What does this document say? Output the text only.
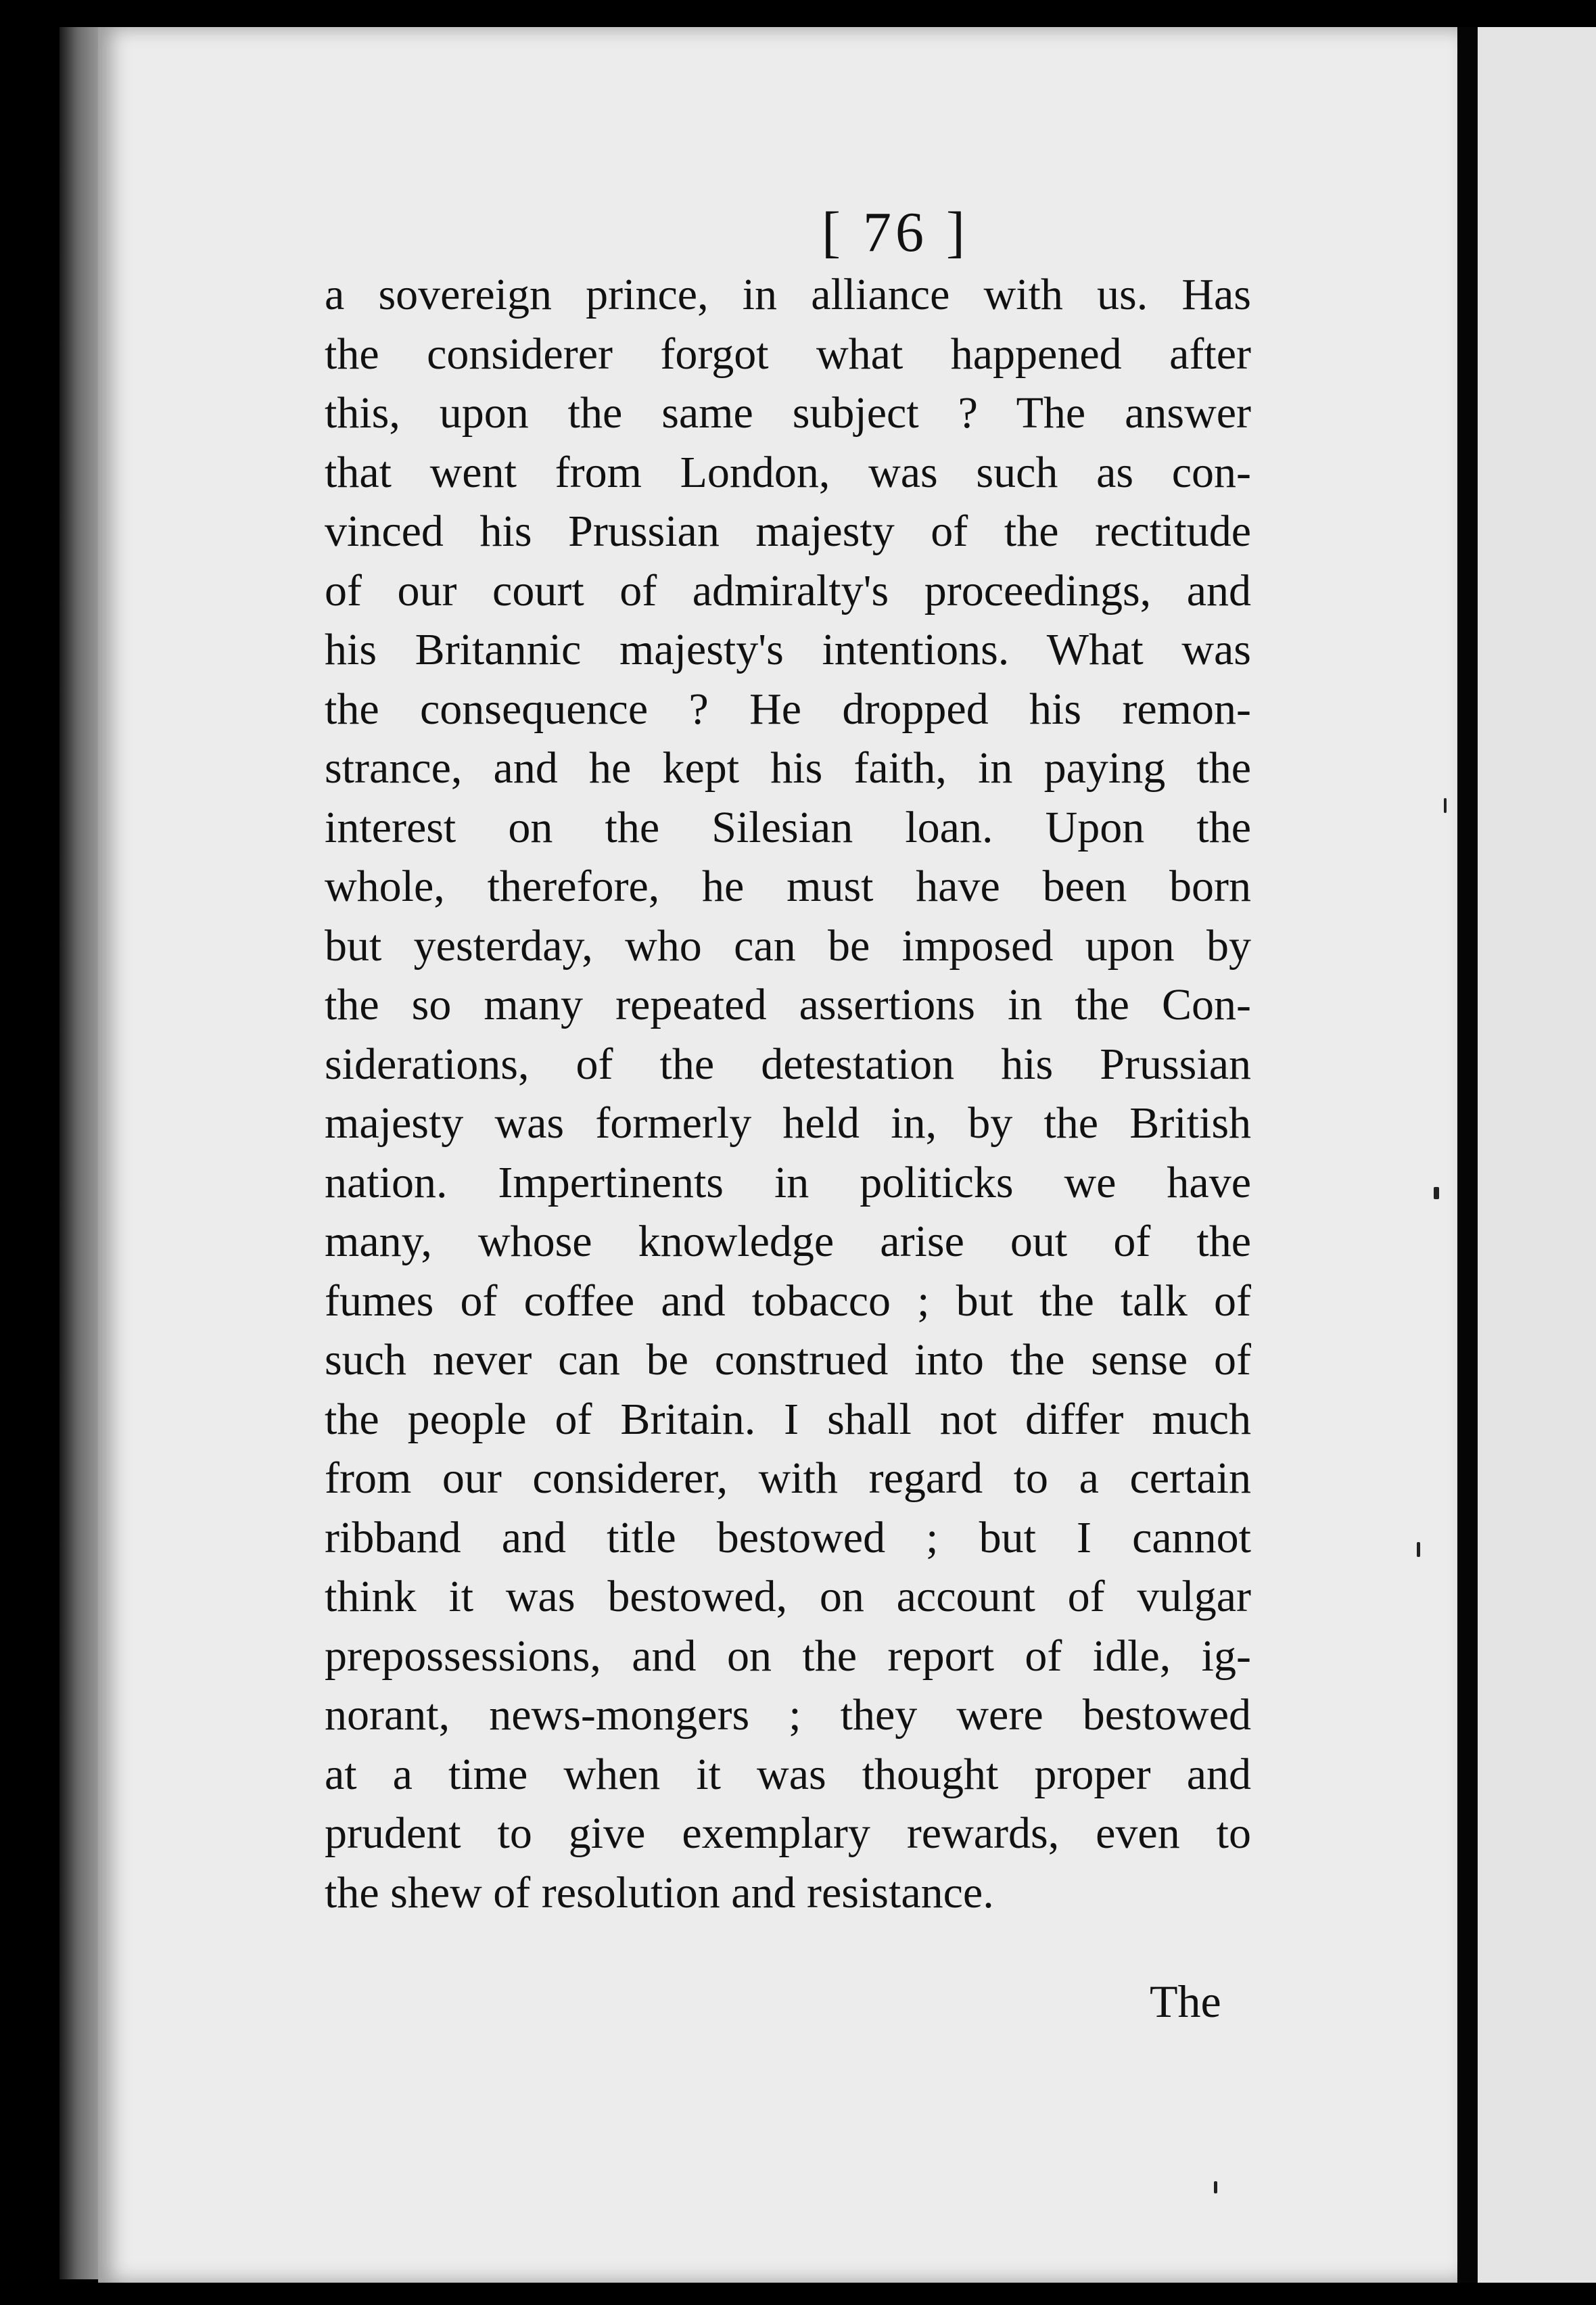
[ 76 ]
a sovereign prince, in alliance with us. Has
the considerer forgot what happened after
this, upon the same subject ? The answer
that went from London, was such as con-
vinced his Prussian majesty of the rectitude
of our court of admiralty's proceedings, and
his Britannic majesty's intentions. What was
the consequence ? He dropped his remon-
strance, and he kept his faith, in paying the
interest on the Silesian loan. Upon the
whole, therefore, he must have been born
but yesterday, who can be imposed upon by
the so many repeated assertions in the Con-
siderations, of the detestation his Prussian
majesty was formerly held in, by the British
nation. Impertinents in politicks we have
many, whose knowledge arise out of the
fumes of coffee and tobacco ; but the talk of
such never can be construed into the sense of
the people of Britain. I shall not differ much
from our considerer, with regard to a certain
ribband and title bestowed ; but I cannot
think it was bestowed, on account of vulgar
prepossessions, and on the report of idle, ig-
norant, news-mongers ; they were bestowed
at a time when it was thought proper and
prudent to give exemplary rewards, even to
the shew of resolution and resistance.
The
